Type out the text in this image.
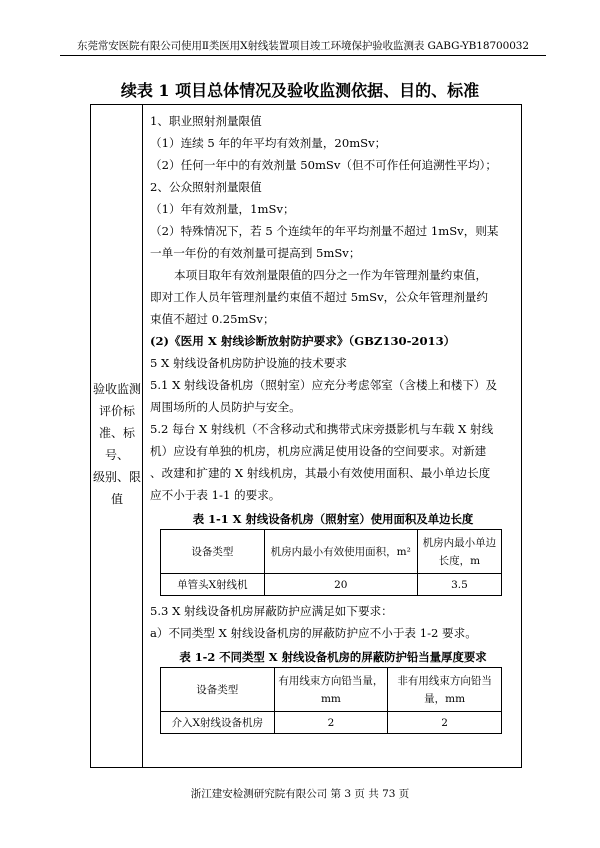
东莞常安医院有限公司使用Ⅱ类医用Ⅹ射线装置项目竣工环境保护验收监测表 GABG-YB18700032
续表 1 项目总体情况及验收监测依据、目的、标准
验收监测
评价标
准、标号、
级别、限
值
1、职业照射剂量限值
（1）连续 5 年的年平均有效剂量，20mSv；
（2）任何一年中的有效剂量 50mSv（但不可作任何追溯性平均）；
2、公众照射剂量限值
（1）年有效剂量，1mSv；
（2）特殊情况下，若 5 个连续年的年平均剂量不超过 1mSv，则某
一单一年份的有效剂量可提高到 5mSv；
本项目取年有效剂量限值的四分之一作为年管理剂量约束值，
即对工作人员年管理剂量约束值不超过 5mSv，公众年管理剂量约
束值不超过 0.25mSv；
(2)《医用 X 射线诊断放射防护要求》（GBZ130-2013）
5 X 射线设备机房防护设施的技术要求
5.1 X 射线设备机房（照射室）应充分考虑邻室（含楼上和楼下）及
周围场所的人员防护与安全。
5.2 每台 X 射线机（不含移动式和携带式床旁摄影机与车载 X 射线
机）应设有单独的机房，机房应满足使用设备的空间要求。对新建
、改建和扩建的 X 射线机房，其最小有效使用面积、最小单边长度
应不小于表 1-1 的要求。
表 1-1 X 射线设备机房（照射室）使用面积及单边长度
设备类型	机房内最小有效使用面积，m²	机房内最小单边长度，m
单管头X射线机	20	3.5
5.3 X 射线设备机房屏蔽防护应满足如下要求：
a）不同类型 X 射线设备机房的屏蔽防护应不小于表 1-2 要求。
表 1-2 不同类型 X 射线设备机房的屏蔽防护铅当量厚度要求
设备类型	有用线束方向铅当量，mm	非有用线束方向铅当量，mm
介入X射线设备机房	2	2
浙江建安检测研究院有限公司 第 3 页 共 73 页
